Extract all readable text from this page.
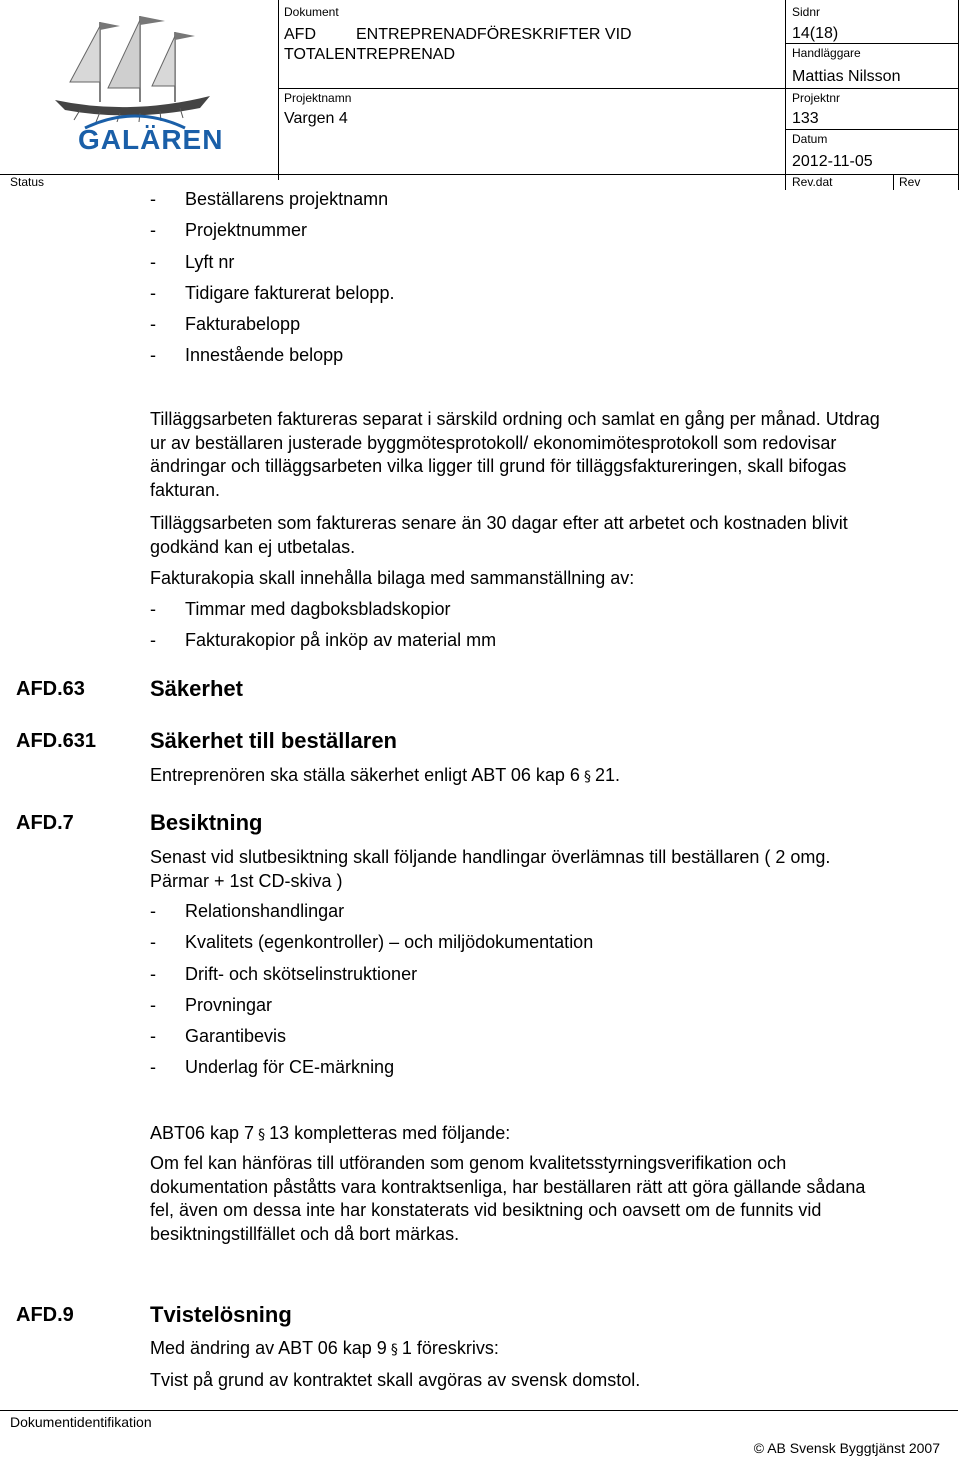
GALÄREN
Dokument
AFD         ENTREPRENADFÖRESKRIFTER VID TOTALENTREPRENAD
Projektnamn
Vargen 4
Status
Sidnr
14(18)
Handläggare
Mattias Nilsson
Projektnr
133
Datum
2012-11-05
Rev.dat	Rev
- Beställarens projektnamn
- Projektnummer
- Lyft nr
- Tidigare fakturerat belopp.
- Fakturabelopp
- Innestående belopp

Tilläggsarbeten faktureras separat i särskild ordning och samlat en gång per månad. Utdrag ur av beställaren justerade byggmötesprotokoll/ ekonomimötesprotokoll som redovisar ändringar och tilläggsarbeten vilka ligger till grund för tilläggsfaktureringen, skall bifogas fakturan.

Tilläggsarbeten som faktureras senare än 30 dagar efter att arbetet och kostnaden blivit godkänd kan ej utbetalas.

Fakturakopia skall innehålla bilaga med sammanställning av:

- Timmar med dagboksbladskopior
- Fakturakopior på inköp av material mm
AFD.63	Säkerhet
AFD.631 Säkerhet till beställaren
Entreprenören ska ställa säkerhet enligt ABT 06 kap 6 § 21.
AFD.7	Besiktning

Senast vid slutbesiktning skall följande handlingar överlämnas till beställaren ( 2 omg. Pärmar + 1st CD-skiva )

- Relationshandlingar
- Kvalitets (egenkontroller) – och miljödokumentation
- Drift- och skötselinstruktioner
- Provningar
- Garantibevis
- Underlag för CE-märkning
ABT06 kap 7 § 13 kompletteras med följande:

Om fel kan hänföras till utföranden som genom kvalitetsstyrningsverifikation och dokumentation påståtts vara kontraktsenliga, har beställaren rätt att göra gällande sådana fel, även om dessa inte har konstaterats vid besiktning och oavsett om de funnits vid besiktningstillfället och då bort märkas.

AFD.9	Tvistelösning
Med ändring av ABT 06 kap 9 § 1 föreskrivs:
Tvist på grund av kontraktet skall avgöras av svensk domstol.
Dokumentidentifikation
© AB Svensk Byggtjänst 2007
